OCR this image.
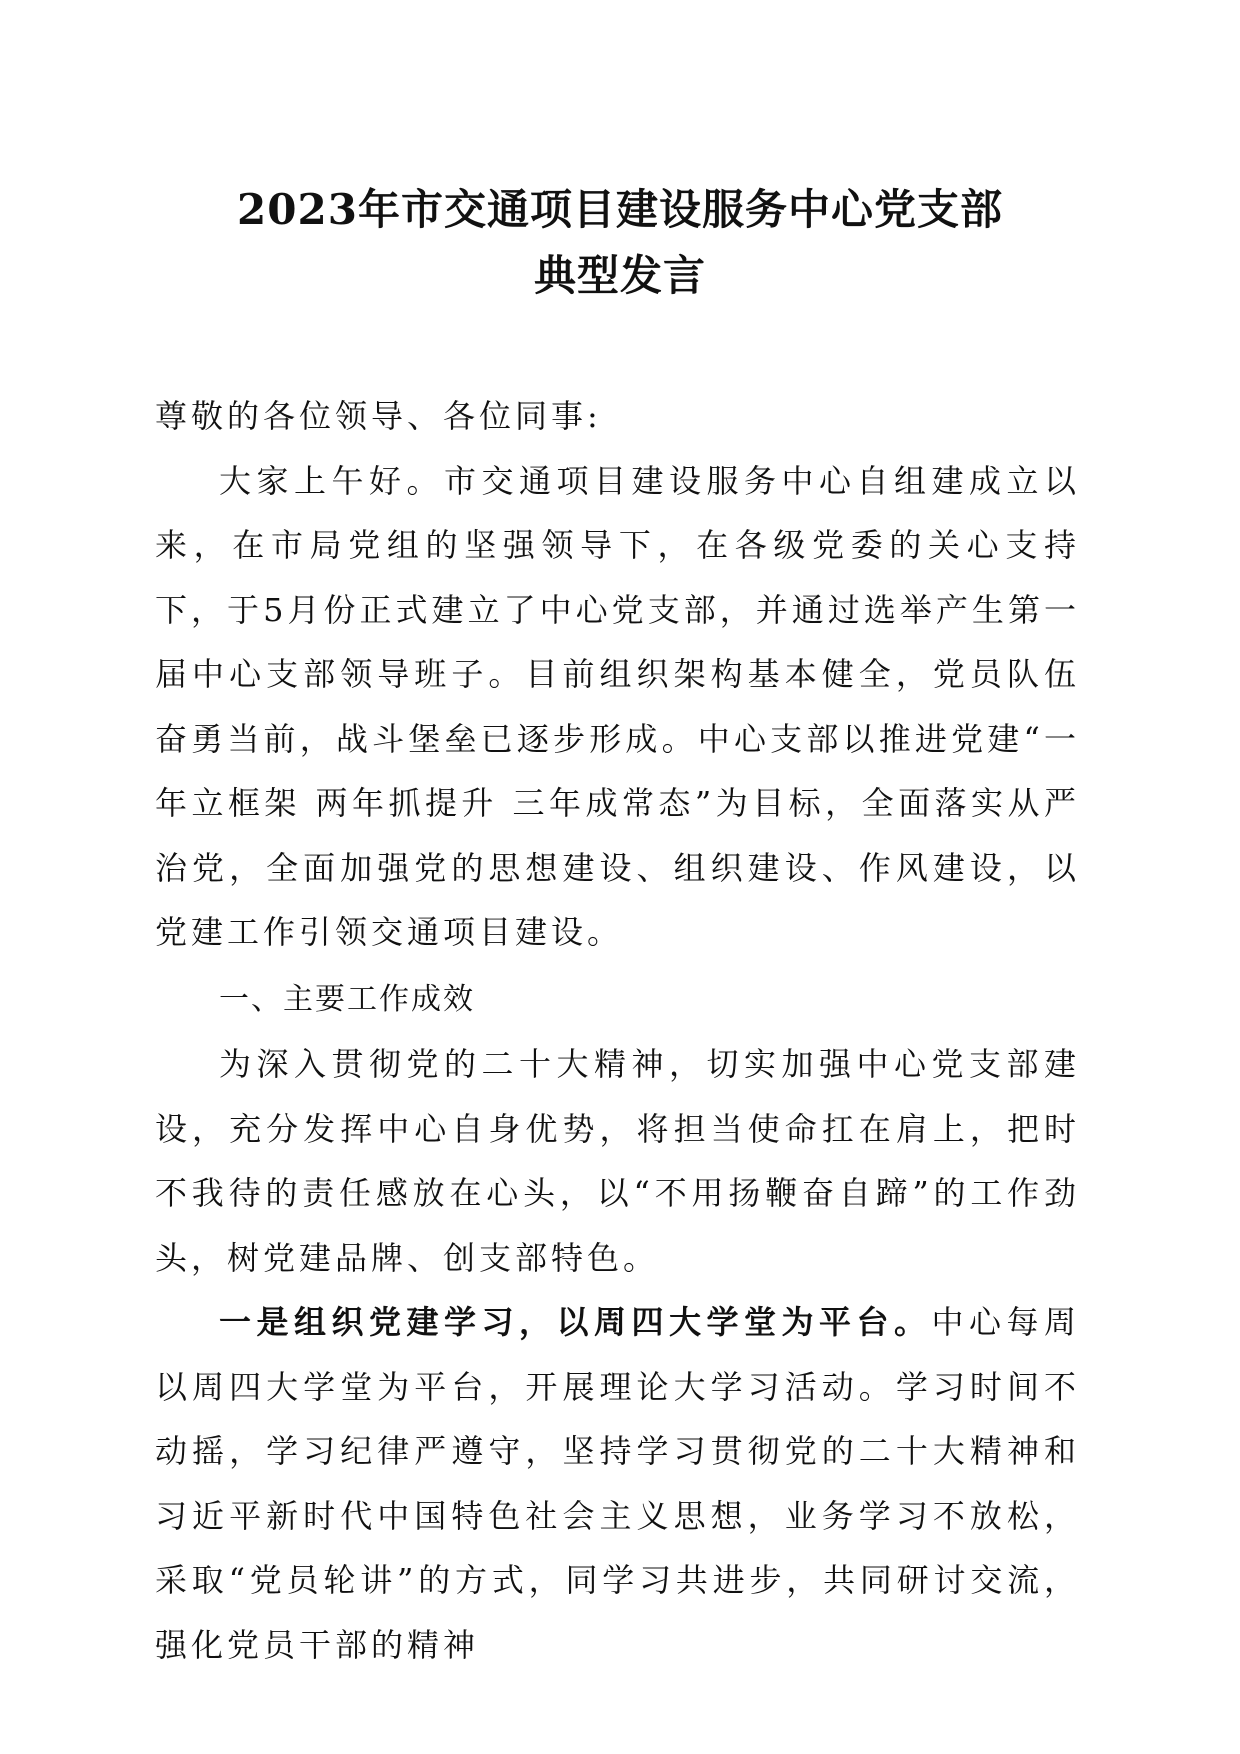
2023年市交通项目建设服务中心党支部
典型发言

尊敬的各位领导、各位同事:

大家上午好。市交通项目建设服务中心自组建成立以来，在市局党组的坚强领导下，在各级党委的关心支持下，于5月份正式建立了中心党支部，并通过选举产生第一届中心支部领导班子。目前组织架构基本健全，党员队伍奋勇当前，战斗堡垒已逐步形成。中心支部以推进党建“一年立框架 两年抓提升 三年成常态”为目标，全面落实从严治党，全面加强党的思想建设、组织建设、作风建设，以党建工作引领交通项目建设。

一、主要工作成效

为深入贯彻党的二十大精神，切实加强中心党支部建设，充分发挥中心自身优势，将担当使命扛在肩上，把时不我待的责任感放在心头，以“不用扬鞭奋自蹄”的工作劲头，树党建品牌、创支部特色。

一是组织党建学习，以周四大学堂为平台。中心每周以周四大学堂为平台，开展理论大学习活动。学习时间不动摇，学习纪律严遵守，坚持学习贯彻党的二十大精神和习近平新时代中国特色社会主义思想，业务学习不放松，采取“党员轮讲”的方式，同学习共进步，共同研讨交流，强化党员干部的精神
